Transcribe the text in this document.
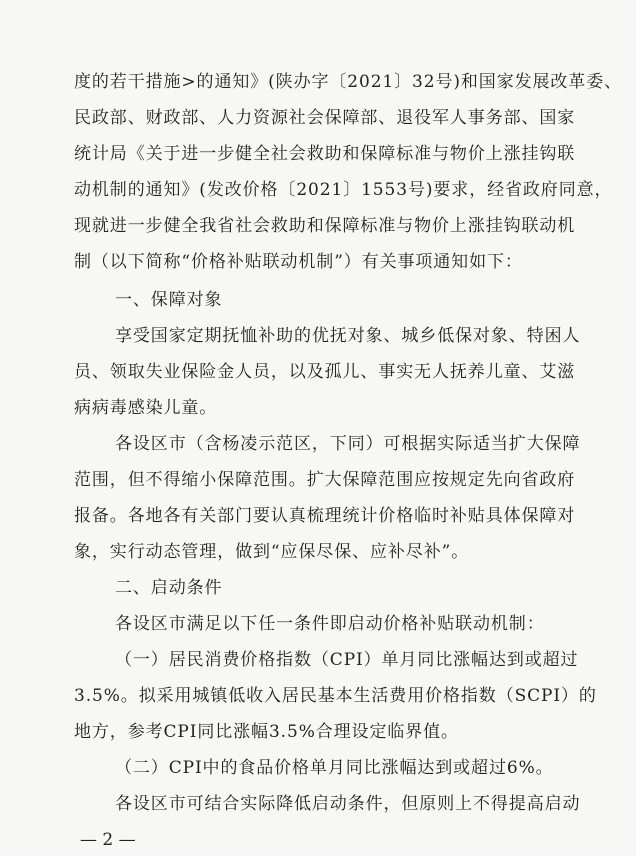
度的若干措施>的通知》(陕办字〔2021〕32号)和国家发展改革委、
民政部、财政部、人力资源社会保障部、退役军人事务部、国家
统计局《关于进一步健全社会救助和保障标准与物价上涨挂钩联
动机制的通知》(发改价格〔2021〕1553号)要求，经省政府同意，
现就进一步健全我省社会救助和保障标准与物价上涨挂钩联动机
制（以下简称“价格补贴联动机制”）有关事项通知如下：
一、保障对象
享受国家定期抚恤补助的优抚对象、城乡低保对象、特困人
员、领取失业保险金人员，以及孤儿、事实无人抚养儿童、艾滋
病病毒感染儿童。
各设区市（含杨凌示范区，下同）可根据实际适当扩大保障
范围，但不得缩小保障范围。扩大保障范围应按规定先向省政府
报备。各地各有关部门要认真梳理统计价格临时补贴具体保障对
象，实行动态管理，做到“应保尽保、应补尽补”。
二、启动条件
各设区市满足以下任一条件即启动价格补贴联动机制：
（一）居民消费价格指数（CPI）单月同比涨幅达到或超过
3.5%。拟采用城镇低收入居民基本生活费用价格指数（SCPI）的
地方，参考CPI同比涨幅3.5%合理设定临界值。
（二）CPI中的食品价格单月同比涨幅达到或超过6%。
各设区市可结合实际降低启动条件，但原则上不得提高启动
— 2 —
